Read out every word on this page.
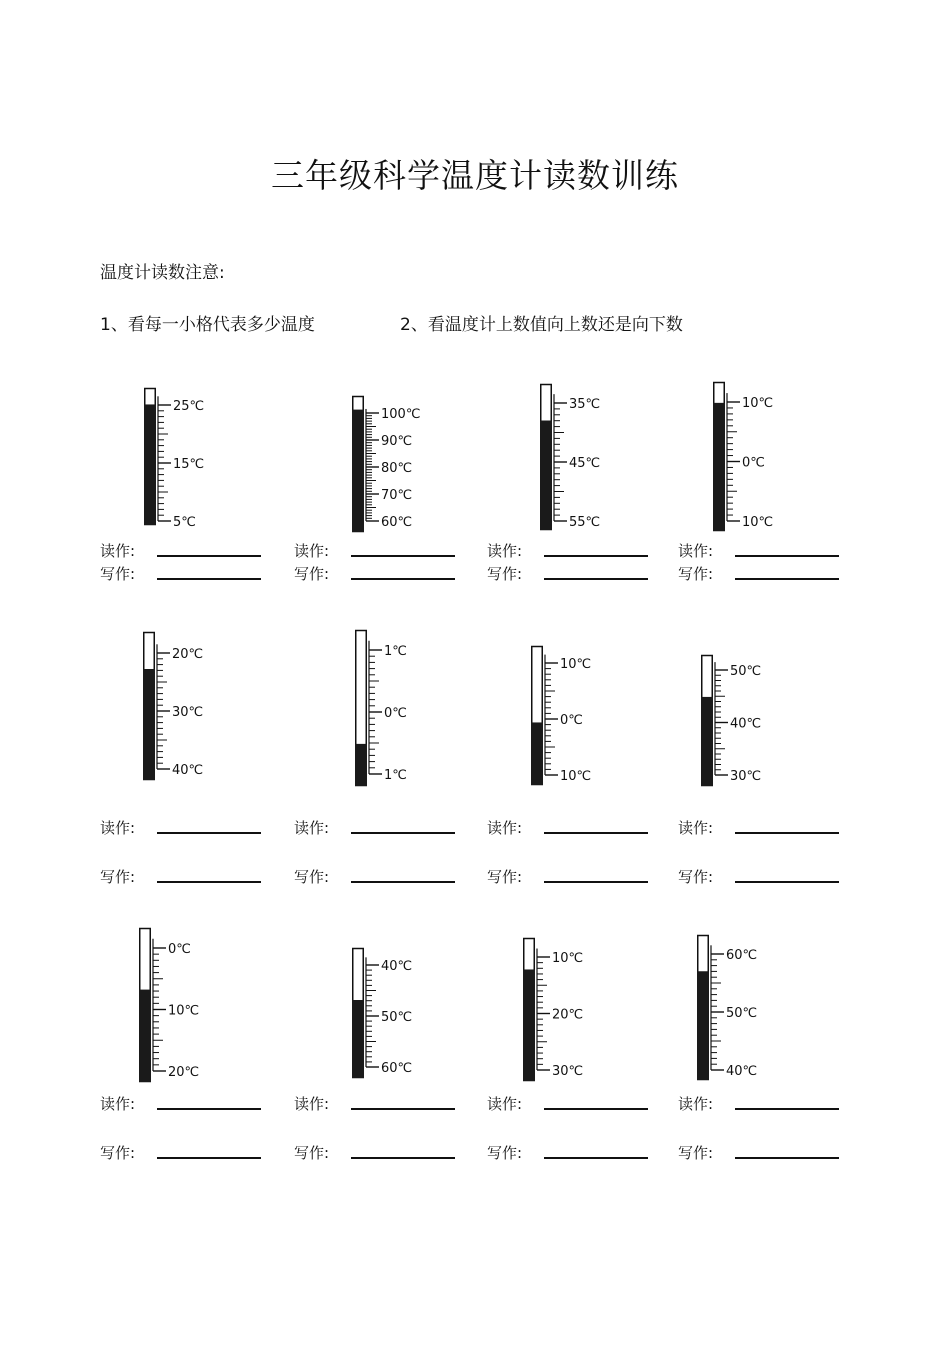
三年级科学温度计读数训练
温度计读数注意:
1、看每一小格代表多少温度	2、看温度计上数值向上数还是向下数
25℃
15℃
5℃
100℃
90℃
80℃
70℃
60℃
35℃
45℃
55℃
10℃
0℃
10℃
20℃
30℃
40℃
1℃
0℃
1℃
10℃
0℃
10℃
50℃
40℃
30℃
0℃
10℃
20℃
40℃
50℃
60℃
10℃
20℃
30℃
60℃
50℃
40℃
读作:
写作:
读作:
写作:
读作:
写作:
读作:
写作:
读作:
写作:
读作:
写作:
读作:
写作:
读作:
写作:
读作:
写作:
读作:
写作:
读作:
写作:
读作:
写作:
